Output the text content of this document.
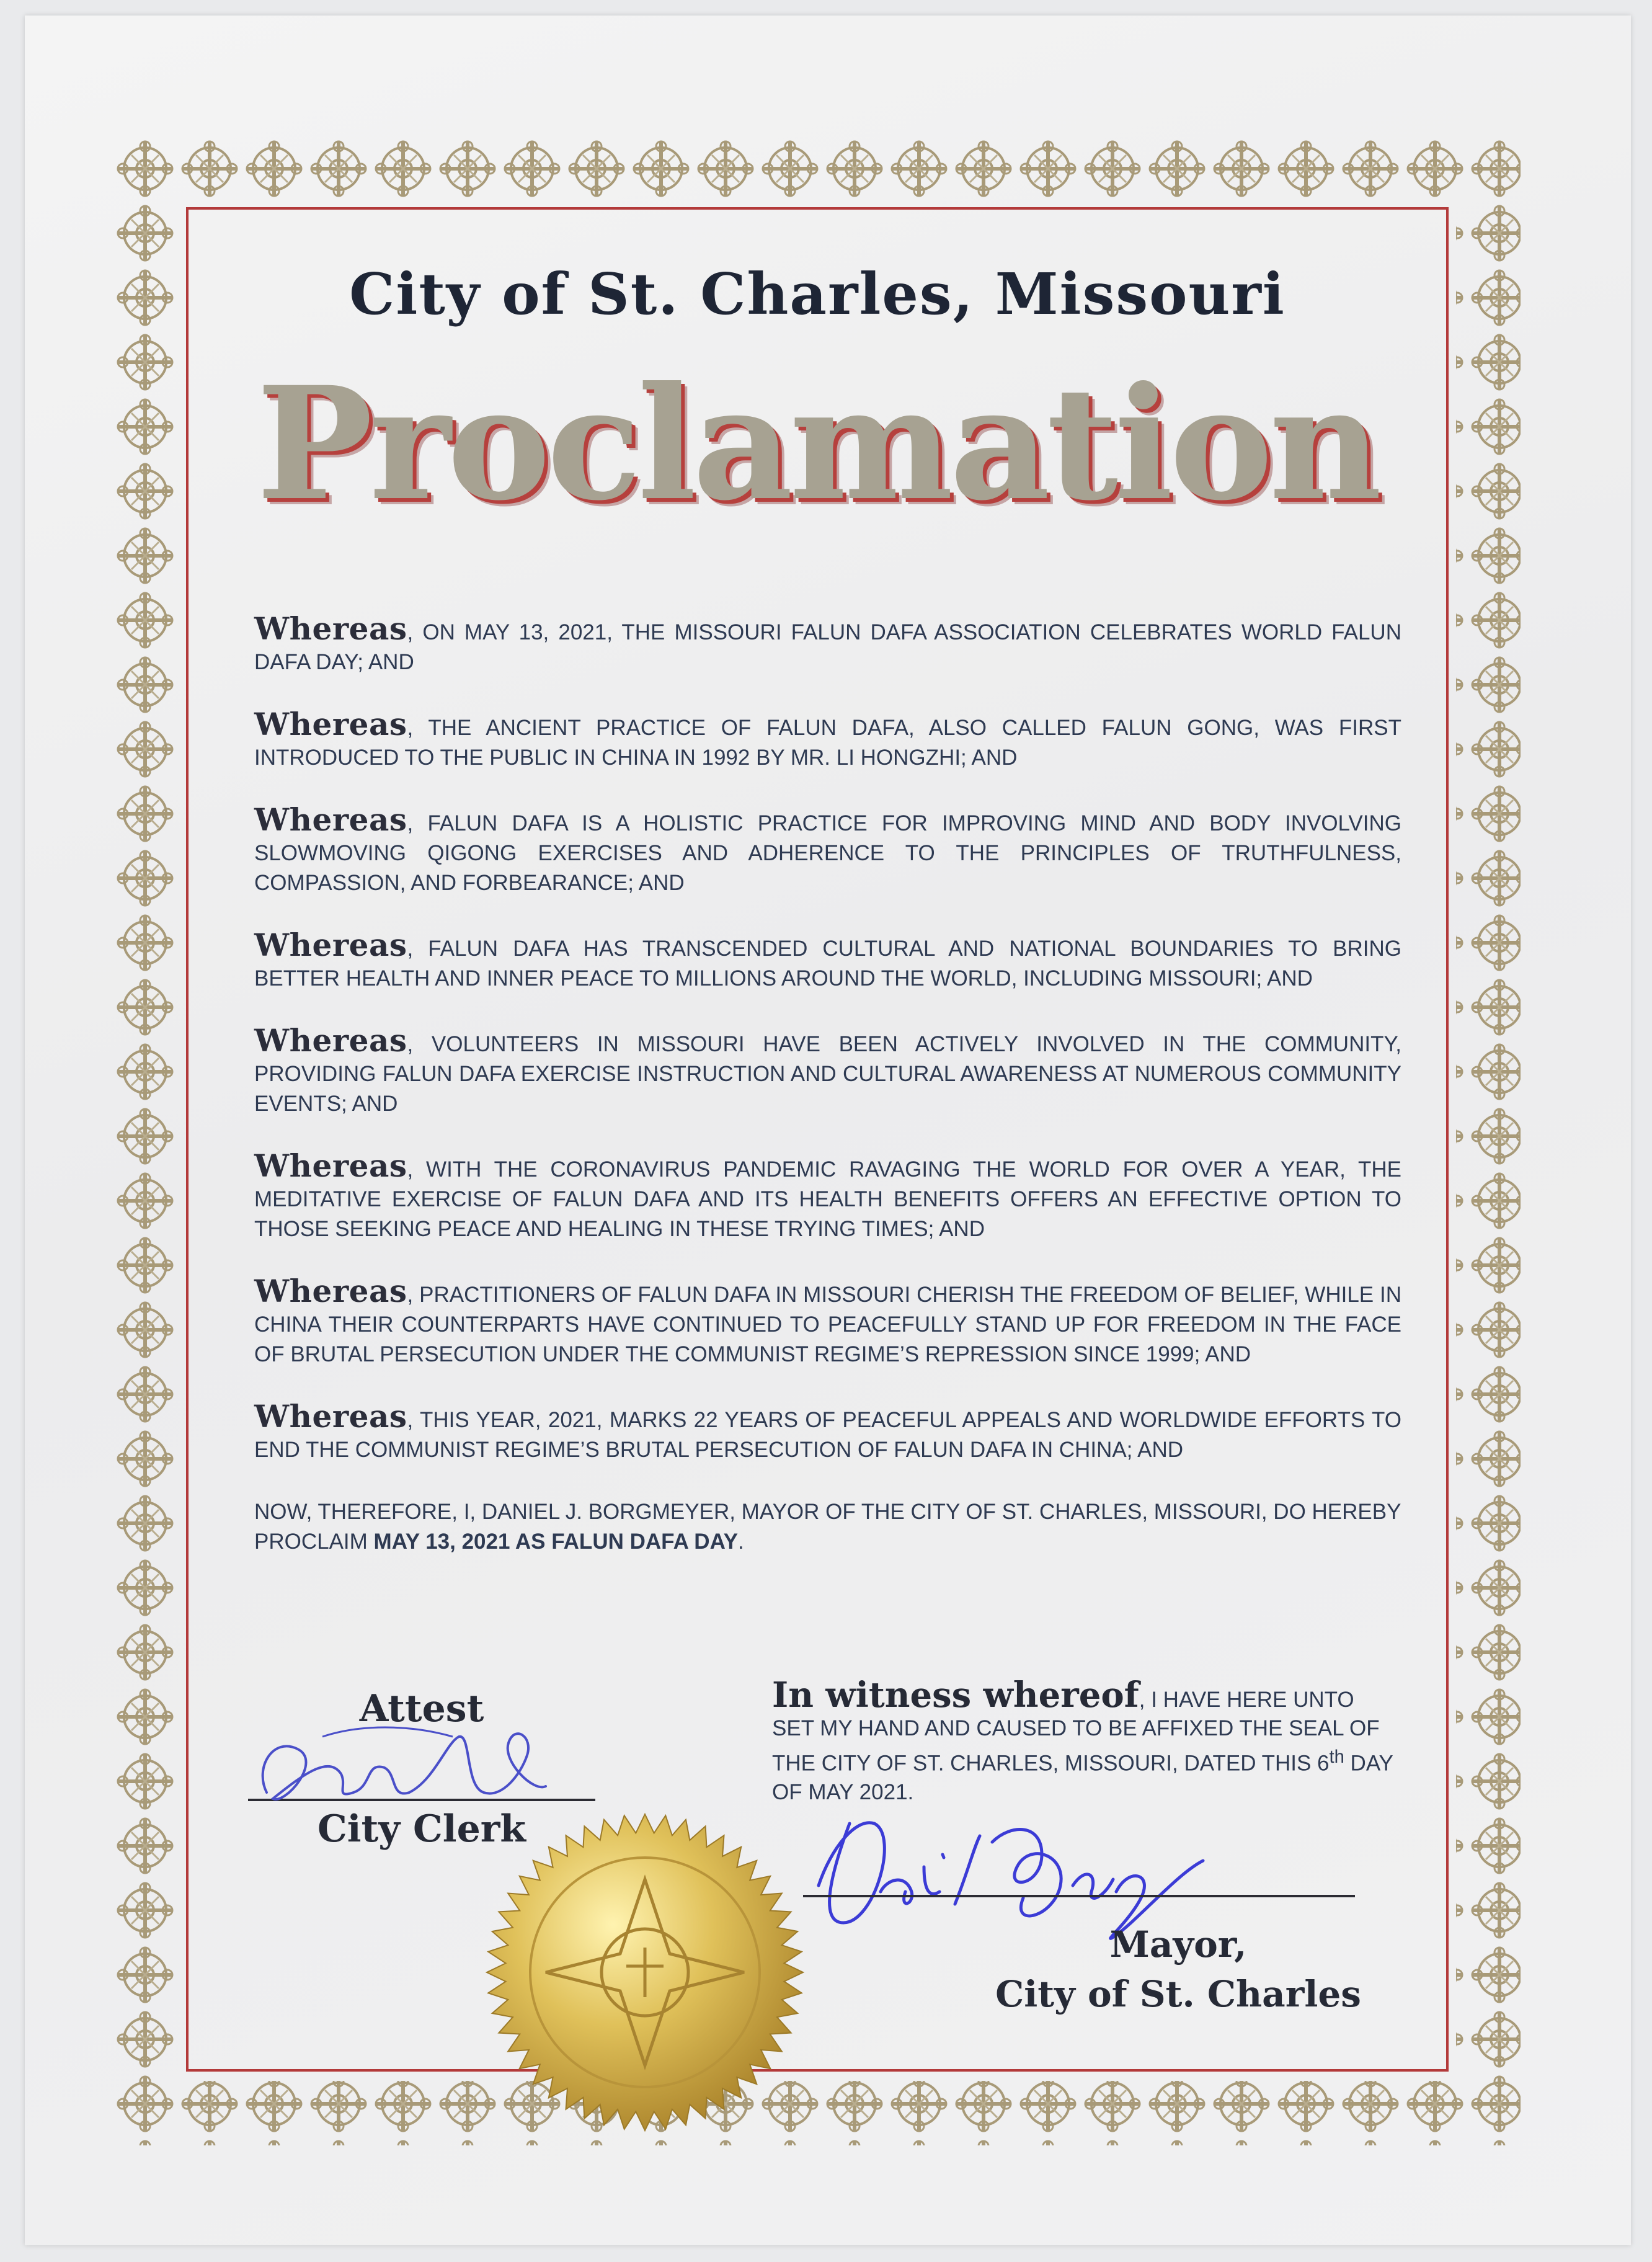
City of St. Charles, Missouri
Proclamation

Whereas, ON MAY 13, 2021, THE MISSOURI FALUN DAFA ASSOCIATION CELEBRATES WORLD FALUN DAFA DAY; AND

Whereas, THE ANCIENT PRACTICE OF FALUN DAFA, ALSO CALLED FALUN GONG, WAS FIRST INTRODUCED TO THE PUBLIC IN CHINA IN 1992 BY MR. LI HONGZHI; AND

Whereas, FALUN DAFA IS A HOLISTIC PRACTICE FOR IMPROVING MIND AND BODY INVOLVING SLOWMOVING QIGONG EXERCISES AND ADHERENCE TO THE PRINCIPLES OF TRUTHFULNESS, COMPASSION, AND FORBEARANCE; AND

Whereas, FALUN DAFA HAS TRANSCENDED CULTURAL AND NATIONAL BOUNDARIES TO BRING BETTER HEALTH AND INNER PEACE TO MILLIONS AROUND THE WORLD, INCLUDING MISSOURI; AND

Whereas, VOLUNTEERS IN MISSOURI HAVE BEEN ACTIVELY INVOLVED IN THE COMMUNITY, PROVIDING FALUN DAFA EXERCISE INSTRUCTION AND CULTURAL AWARENESS AT NUMEROUS COMMUNITY EVENTS; AND

Whereas, WITH THE CORONAVIRUS PANDEMIC RAVAGING THE WORLD FOR OVER A YEAR, THE MEDITATIVE EXERCISE OF FALUN DAFA AND ITS HEALTH BENEFITS OFFERS AN EFFECTIVE OPTION TO THOSE SEEKING PEACE AND HEALING IN THESE TRYING TIMES; AND

Whereas, PRACTITIONERS OF FALUN DAFA IN MISSOURI CHERISH THE FREEDOM OF BELIEF, WHILE IN CHINA THEIR COUNTERPARTS HAVE CONTINUED TO PEACEFULLY STAND UP FOR FREEDOM IN THE FACE OF BRUTAL PERSECUTION UNDER THE COMMUNIST REGIME’S REPRESSION SINCE 1999; AND

Whereas, THIS YEAR, 2021, MARKS 22 YEARS OF PEACEFUL APPEALS AND WORLDWIDE EFFORTS TO END THE COMMUNIST REGIME’S BRUTAL PERSECUTION OF FALUN DAFA IN CHINA; AND

NOW, THEREFORE, I, DANIEL J. BORGMEYER, MAYOR OF THE CITY OF ST. CHARLES, MISSOURI, DO HEREBY PROCLAIM MAY 13, 2021 AS FALUN DAFA DAY.

Attest
City Clerk
In witness whereof, I HAVE HERE UNTO SET MY HAND AND CAUSED TO BE AFFIXED THE SEAL OF THE CITY OF ST. CHARLES, MISSOURI, DATED THIS 6th DAY OF MAY 2021.
Mayor,
City of St. Charles
